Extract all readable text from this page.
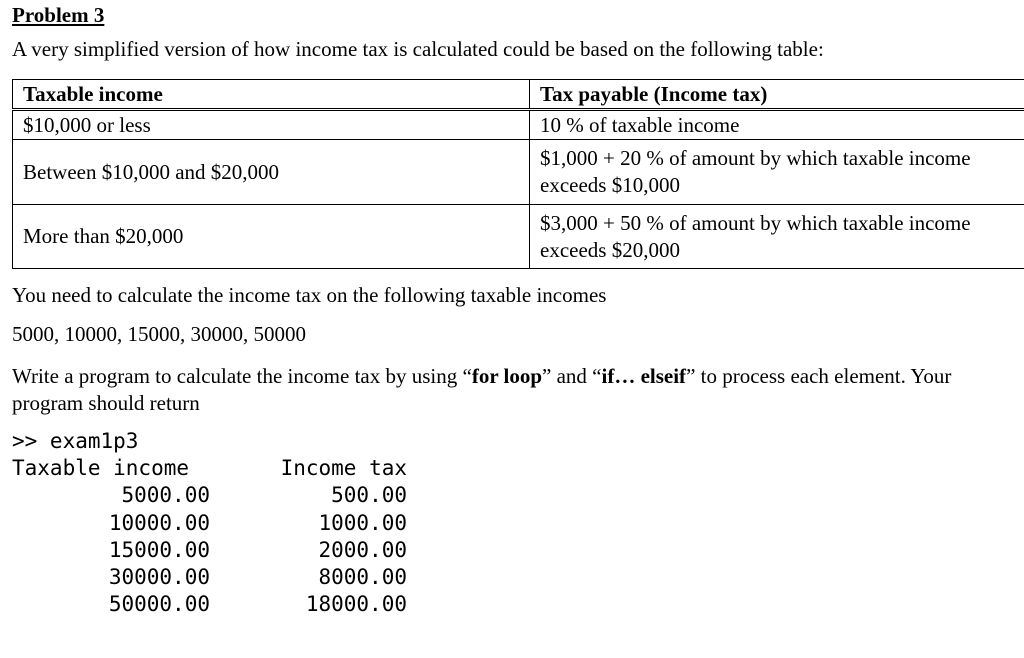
Problem 3

A very simplified version of how income tax is calculated could be based on the following table:

Taxable income	Tax payable (Income tax)
$10,000 or less	10 % of taxable income
Between $10,000 and $20,000	$1,000 + 20 % of amount by which taxable income exceeds $10,000
More than $20,000	$3,000 + 50 % of amount by which taxable income exceeds $20,000

You need to calculate the income tax on the following taxable incomes

5000, 10000, 15000, 30000, 50000

Write a program to calculate the income tax by using “for loop” and “if… elseif” to process each element. Your program should return

>> exam1p3
Taxable income	Income tax
5000.00	500.00
10000.00	1000.00
15000.00	2000.00
30000.00	8000.00
50000.00	18000.00
